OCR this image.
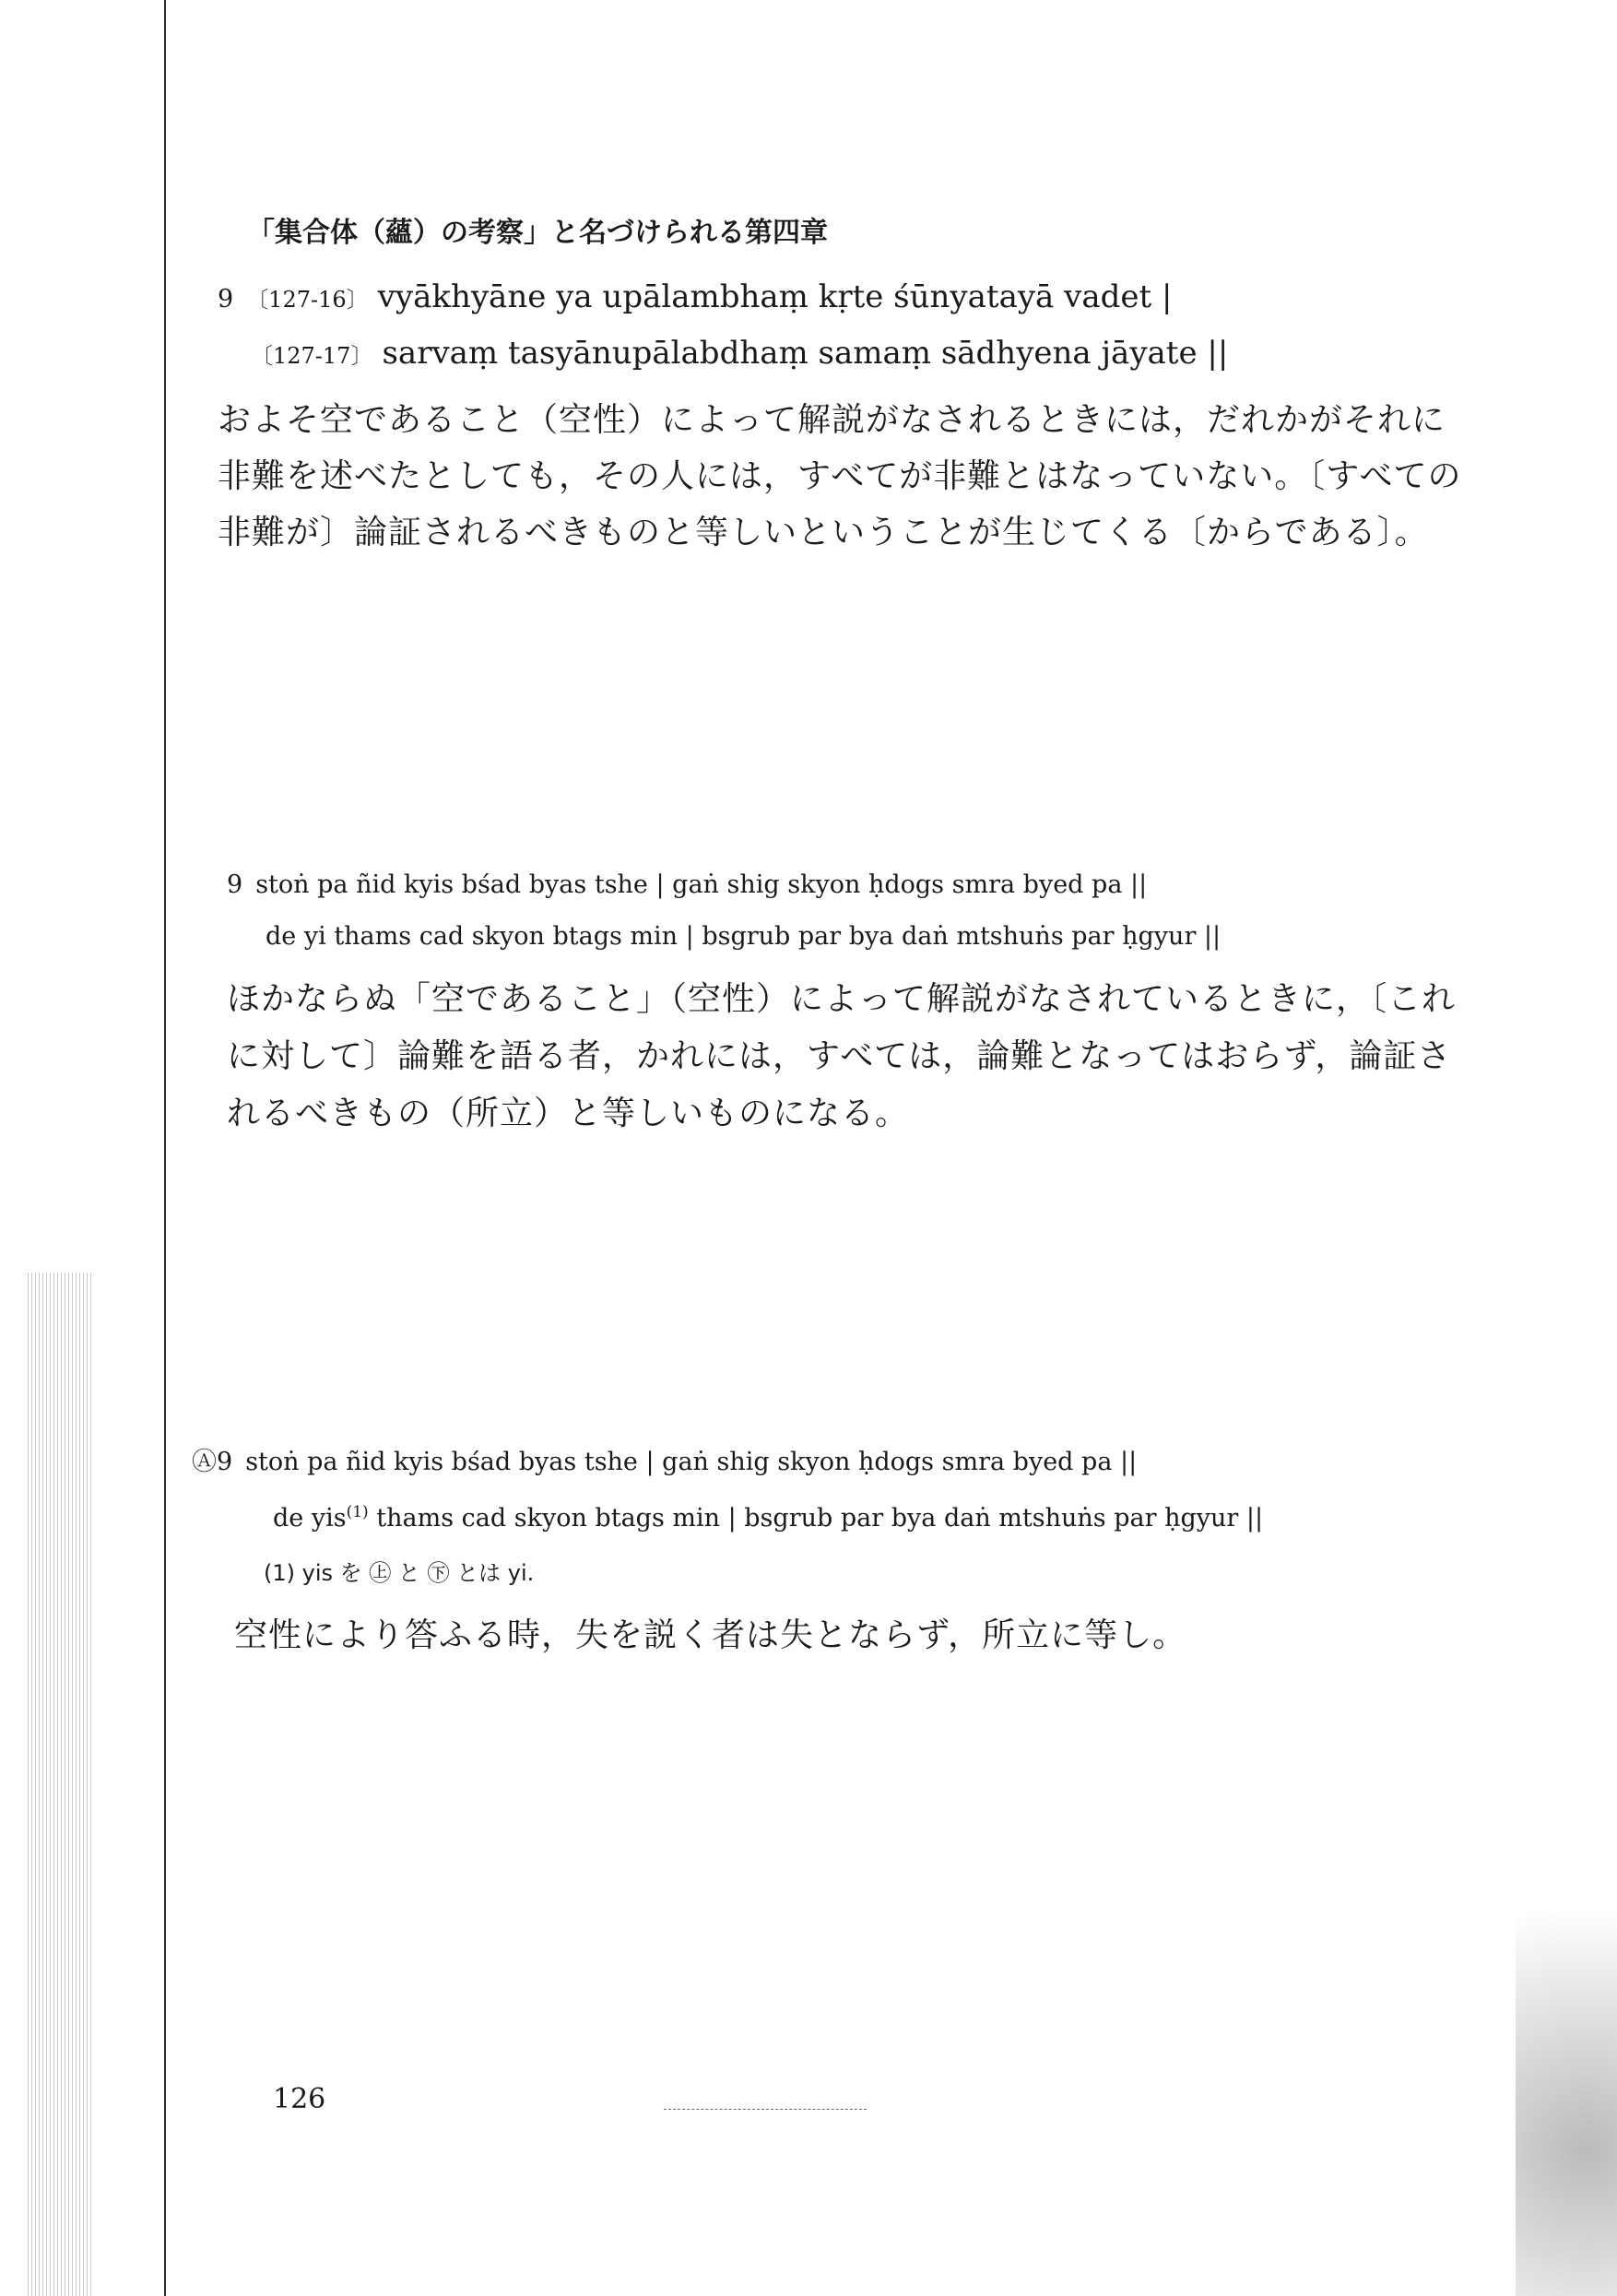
「集合体（蘊）の考察」と名づけられる第四章
9 〔127-16〕 vyākhyāne ya upālambhaṃ kṛte śūnyatayā vadet |
〔127-17〕 sarvaṃ tasyānupālabdhaṃ samaṃ sādhyena jāyate ||
およそ空であること（空性）によって解説がなされるときには，だれかがそれに
非難を述べたとしても，その人には，すべてが非難とはなっていない。〔すべての
非難が〕論証されるべきものと等しいということが生じてくる〔からである〕。
9 stoṅ pa ñid kyis bśad byas tshe | gaṅ shig skyon ḥdogs smra byed pa ||
de yi thams cad skyon btags min | bsgrub par bya daṅ mtshuṅs par ḥgyur ||
ほかならぬ「空であること」（空性）によって解説がなされているときに，〔これ
に対して〕論難を語る者，かれには，すべては，論難となってはおらず，論証さ
れるべきもの（所立）と等しいものになる。
Ⓐ9 stoṅ pa ñid kyis bśad byas tshe | gaṅ shig skyon ḥdogs smra byed pa ||
de yis$^{(1)}$ thams cad skyon btags min | bsgrub par bya daṅ mtshuṅs par ḥgyur ||
(1) yis を ㊤ と ㊦ とは yi.
空性により答ふる時，失を説く者は失とならず，所立に等し。
126
